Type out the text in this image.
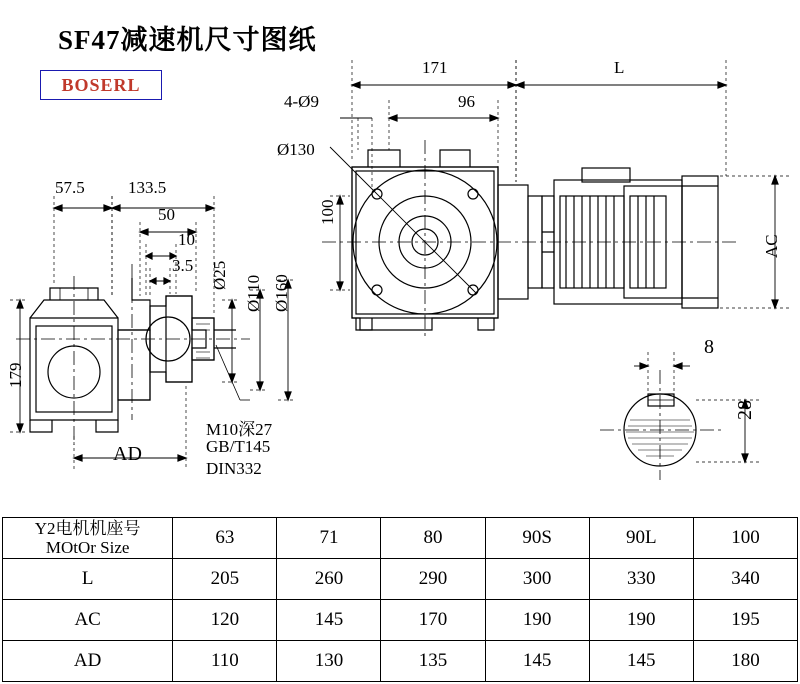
SF47减速机尺寸图纸
BOSERL
171	L
96
4-Ø9
Ø130
100
AC
8
28
57.5	133.5
50
10
3.5 Ø25 Ø110 Ø160
179
AD
M10深27
GB/T145
DIN332
Y2电机机座号
MOtOr Size	63	71	80	90S	90L	100
L	205	260	290	300	330	340
AC	120	145	170	190	190	195
AD	110	130	135	145	145	180
